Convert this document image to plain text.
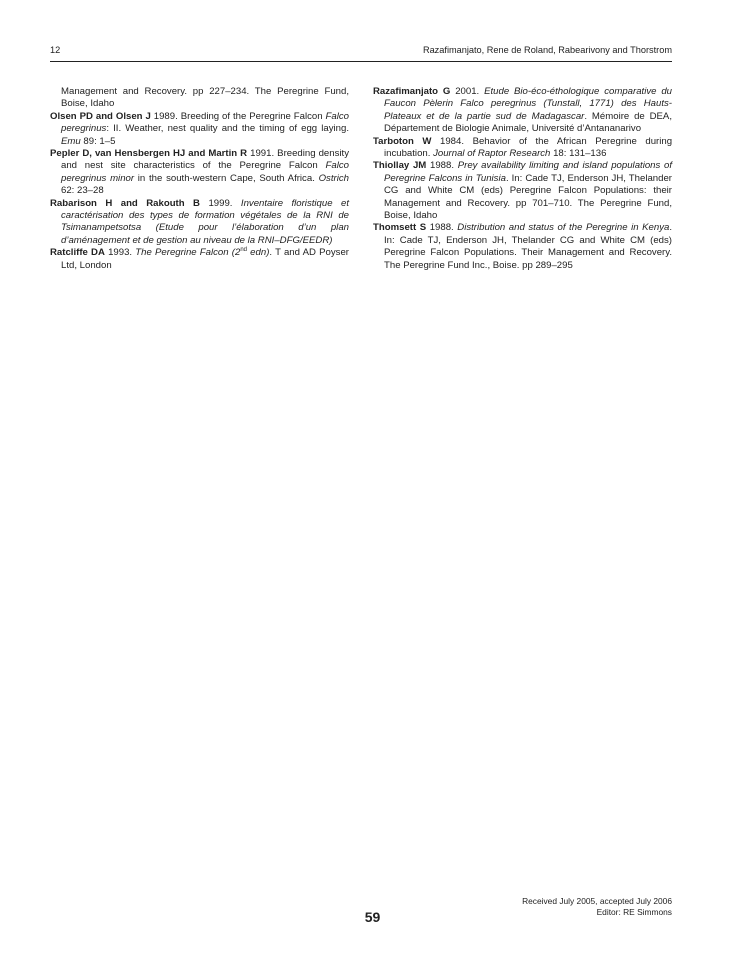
12	Razafimanjato, Rene de Roland, Rabearivony and Thorstrom

Management and Recovery. pp 227–234. The Peregrine Fund, Boise, Idaho

Olsen PD and Olsen J 1989. Breeding of the Peregrine Falcon Falco peregrinus: II. Weather, nest quality and the timing of egg laying. Emu 89: 1–5

Pepler D, van Hensbergen HJ and Martin R 1991. Breeding density and nest site characteristics of the Peregrine Falcon Falco peregrinus minor in the south-western Cape, South Africa. Ostrich 62: 23–28

Rabarison H and Rakouth B 1999. Inventaire floristique et caractérisation des types de formation végétales de la RNI de Tsimanampetsotsa (Etude pour l’élaboration d’un plan d’aménagement et de gestion au niveau de la RNI–DFG/EEDR)

Ratcliffe DA 1993. The Peregrine Falcon (2nd edn). T and AD Poyser Ltd, London

Razafimanjato G 2001. Etude Bio-éco-éthologique comparative du Faucon Pèlerin Falco peregrinus (Tunstall, 1771) des Hauts-Plateaux et de la partie sud de Madagascar. Mémoire de DEA, Département de Biologie Animale, Université d’Antananarivo

Tarboton W 1984. Behavior of the African Peregrine during incubation. Journal of Raptor Research 18: 131–136

Thiollay JM 1988. Prey availability limiting and island populations of Peregrine Falcons in Tunisia. In: Cade TJ, Enderson JH, Thelander CG and White CM (eds) Peregrine Falcon Populations: their Management and Recovery. pp 701–710. The Peregrine Fund, Boise, Idaho

Thomsett S 1988. Distribution and status of the Peregrine in Kenya. In: Cade TJ, Enderson JH, Thelander CG and White CM (eds) Peregrine Falcon Populations. Their Management and Recovery. The Peregrine Fund Inc., Boise. pp 289–295

Received July 2005, accepted July 2006
Editor: RE Simmons
59
